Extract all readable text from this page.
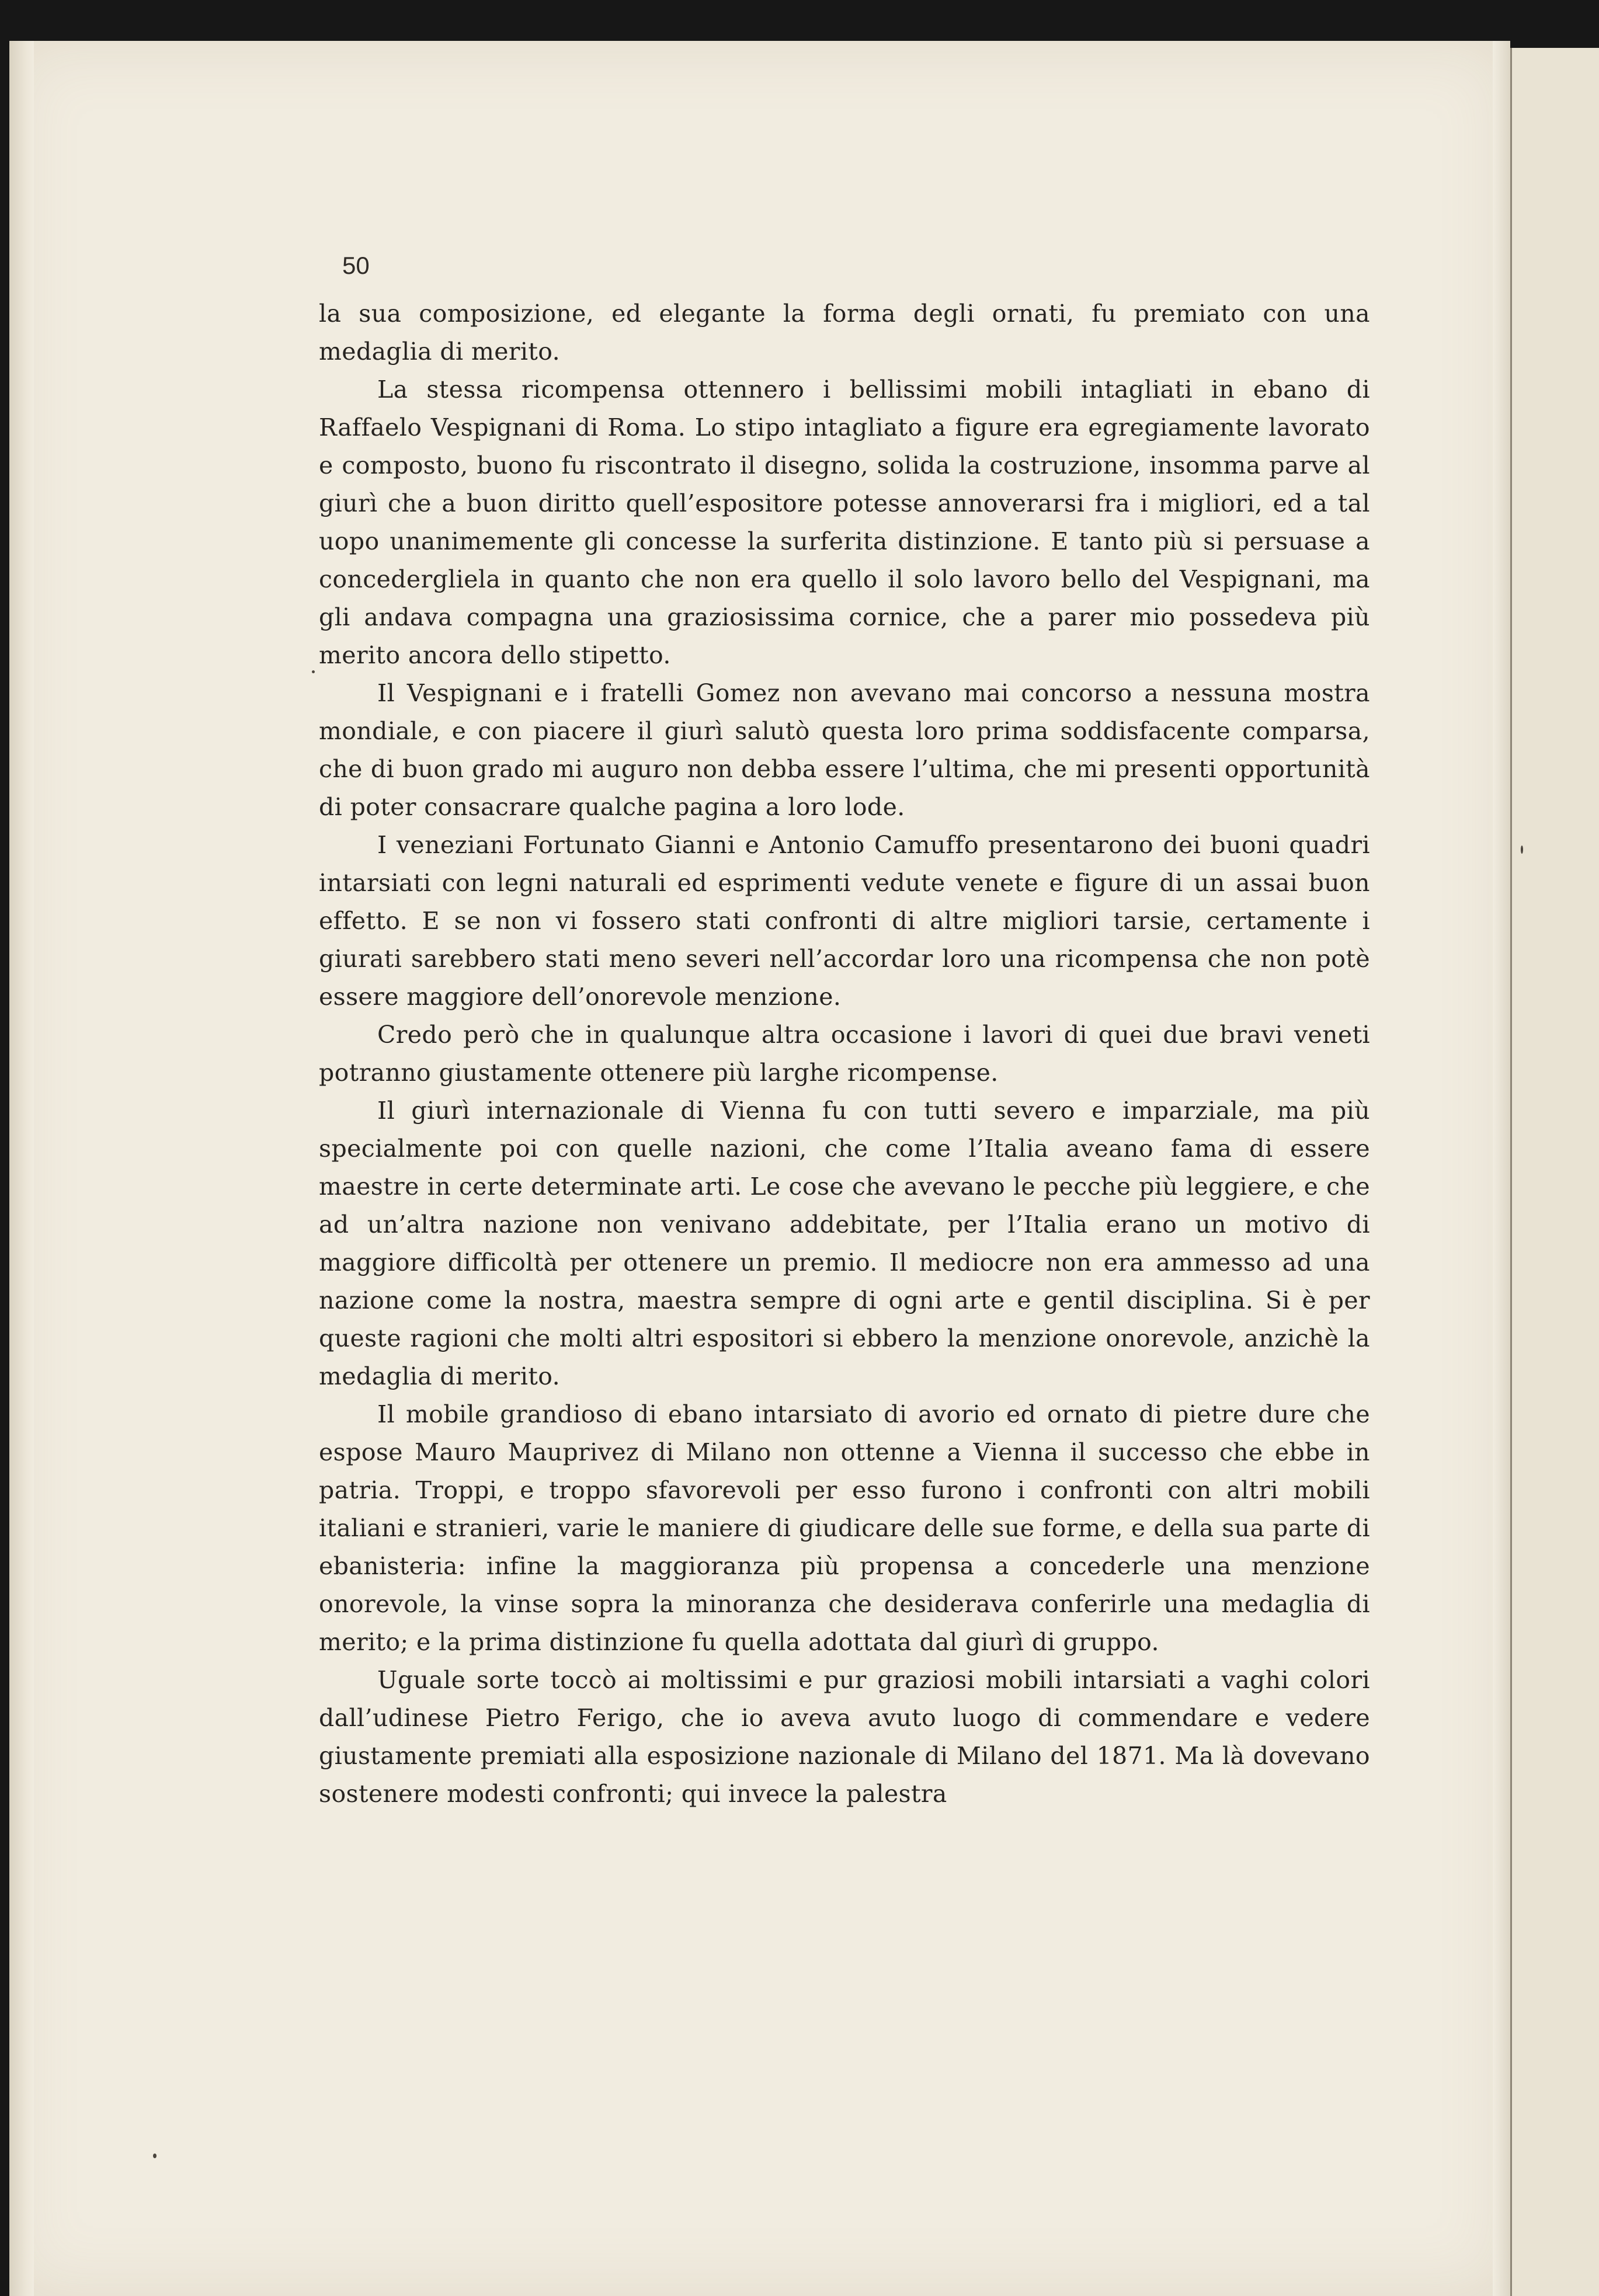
50

la sua composizione, ed elegante la forma degli ornati, fu premiato con una medaglia di merito.

La stessa ricompensa ottennero i bellissimi mobili intagliati in ebano di Raffaelo Vespignani di Roma. Lo stipo intagliato a figure era egregiamente lavorato e composto, buono fu riscontrato il disegno, solida la costruzione, insomma parve al giurì che a buon diritto quell’espositore potesse annoverarsi fra i migliori, ed a tal uopo unanimemente gli concesse la surferita distinzione. E tanto più si persuase a concedergliela in quanto che non era quello il solo lavoro bello del Vespignani, ma gli andava compagna una graziosissima cornice, che a parer mio possedeva più merito ancora dello stipetto.

Il Vespignani e i fratelli Gomez non avevano mai concorso a nessuna mostra mondiale, e con piacere il giurì salutò questa loro prima soddisfacente comparsa, che di buon grado mi auguro non debba essere l’ultima, che mi presenti opportunità di poter consacrare qualche pagina a loro lode.

I veneziani Fortunato Gianni e Antonio Camuffo presentarono dei buoni quadri intarsiati con legni naturali ed esprimenti vedute venete e figure di un assai buon effetto. E se non vi fossero stati confronti di altre migliori tarsie, certamente i giurati sarebbero stati meno severi nell’accordar loro una ricompensa che non potè essere maggiore dell’onorevole menzione.

Credo però che in qualunque altra occasione i lavori di quei due bravi veneti potranno giustamente ottenere più larghe ricompense.

Il giurì internazionale di Vienna fu con tutti severo e imparziale, ma più specialmente poi con quelle nazioni, che come l’Italia aveano fama di essere maestre in certe determinate arti. Le cose che avevano le pecche più leggiere, e che ad un’altra nazione non venivano addebitate, per l’Italia erano un motivo di maggiore difficoltà per ottenere un premio. Il mediocre non era ammesso ad una nazione come la nostra, maestra sempre di ogni arte e gentil disciplina. Si è per queste ragioni che molti altri espositori si ebbero la menzione onorevole, anzichè la medaglia di merito.

Il mobile grandioso di ebano intarsiato di avorio ed ornato di pietre dure che espose Mauro Mauprivez di Milano non ottenne a Vienna il successo che ebbe in patria. Troppi, e troppo sfavorevoli per esso furono i confronti con altri mobili italiani e stranieri, varie le maniere di giudicare delle sue forme, e della sua parte di ebanisteria: infine la maggioranza più propensa a concederle una menzione onorevole, la vinse sopra la minoranza che desiderava conferirle una medaglia di merito; e la prima distinzione fu quella adottata dal giurì di gruppo.

Uguale sorte toccò ai moltissimi e pur graziosi mobili intarsiati a vaghi colori dall’udinese Pietro Ferigo, che io aveva avuto luogo di commendare e vedere giustamente premiati alla esposizione nazionale di Milano del 1871. Ma là dovevano sostenere modesti confronti; qui invece la palestra
